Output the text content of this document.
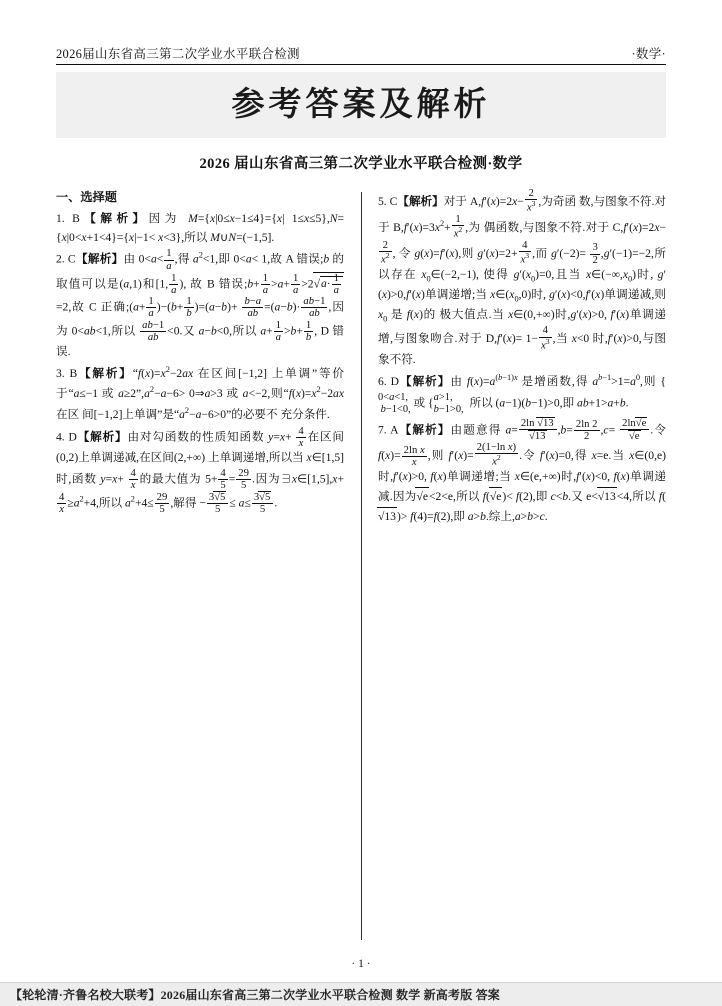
2026届山东省高三第二次学业水平联合检测	·数学·
参考答案及解析
2026 届山东省高三第二次学业水平联合检测·数学
一、选择题

1. B【解析】因为 M={x|0≤x−1≤4}={x| 1≤x≤5},N={x|0<x+1<4}={x|−1< x<3},所以 M∪N=(−1,5].

2. C【解析】由 $0<a< \frac{1}{a}$ ,得 $a^2<1$,即 0<a< 1,故 A 错误;b 的取值可以是(a,1)和[1, $\frac{1}{a}$ ), 故 B 错误;b+ $\frac{1}{a} >a+ \frac{1}{a} >2√a\cdot \frac{1}{a}$
=2,故 C 正确;(a+ $\frac{1}{a} )-(b+ \frac{1}{b} )=(a-b)+ \frac{b-a}{ab} =(a-b)\cdot \frac{ab-1}{ab}$ ,因为 0<ab<1,所以 $\frac{ab-1}{ab} <0$.又 a−b<0,所以 $a+ \frac{1}{a} >b+ \frac{1}{b}$ , D 错误.

3. B【解析】“$f(x)=x^2-2ax$ 在区间[−1,2] 上单调”等价于“a≤−1 或 $a\ge 2”,a^2-a-6>$ 0⇒a>3 或 a<−2,则“$f(x)=x^2-2ax$ 在区 间[−1,2]上单调”是“$a^2-a-6>0$”的必要不 充分条件.

4. D【解析】由对勾函数的性质知函数 $y=x+ \frac{4}{x}$ 在区间(0,2)上单调递减,在区间(2,+∞) 上单调递增,所以当 x∈[1,5]时,函数 $y=x+ \frac{4}{x}$ 的最大值为 $5+ \frac{4}{5} = \frac{29}{5}$ .因为∃x∈[1,5],x+
$\frac{4}{x} \ge a^2+4$,所以 $a^2+4\le \frac{29}{5}$ ,解得 − $\frac{3√5}{5} \le a\le \frac{3√5}{5}$ .

5. C【解析】对于 $A,f'(x)=2x- \frac{2}{x^3}$ ,为奇函 数,与图象不符.对于 $B,f'(x)=3x^2+ \frac{1}{x^2}$ ,为 偶函数,与图象不符.对于 C,f′(x)=2x−
$\frac{2}{x^2}$ , 令 g(x)=f′(x),则 $g'(x)=2+ \frac{4}{x^3}$ ,而 $g'(-2)= \frac{3}{2} ,g'(-1)=-2$,所以存在 $x_0\in(-2,-1)$, 使得 $g'(x_0)=0$,且当 $x\in(-\infty,x_0)$时, g′(x)>0,f′(x)单调递增;当 $x\in(x_0,0)$时, g′(x)<0,f′(x)单调递减,则 $x_0$ 是 f(x)的 极大值点.当 x∈(0,+∞)时,g′(x)>0, f′(x)单调递增,与图象吻合.对于 $D,f'(x)= 1- \frac{4}{x^3}$ ,当 x<0 时,f′(x)>0,与图象不符.

6. D【解析】由 $f(x)=a^{(b-1)x}$ 是增函数,得 $a^{b-1}>1=a^0$,则 {0<a<1,
b−1<0, 或 {a>1,
b−1>0,  所以 (a−1)(b−1)>0,即 ab+1>a+b.

7. A【解析】由题意得 $a= \frac{2\ln √13}{√13} ,b= \frac{2\ln 2}{2} ,c= \frac{2\ln√e}{√e}$ .令 $f(x)= \frac{\text{2ln x}}{x}$ ,则 $f'(x)= \frac{\text{2(1−ln x)}}{x^2}$ .令 f′(x)=0,得 x=e.当 x∈(0,e)时,f′(x)>0, f(x)单调递增;当 x∈(e,+∞)时,f′(x)<0, f(x)单调递减.因为√e<2<e,所以 f(√e)< f(2),即 c<b.又 e<√13<4,所以 f(√13)> f(4)=f(2),即 a>b.综上,a>b>c.

· 1 ·
【轮轮清·齐鲁名校大联考】2026届山东省高三第二次学业水平联合检测 数学 新高考版 答案
